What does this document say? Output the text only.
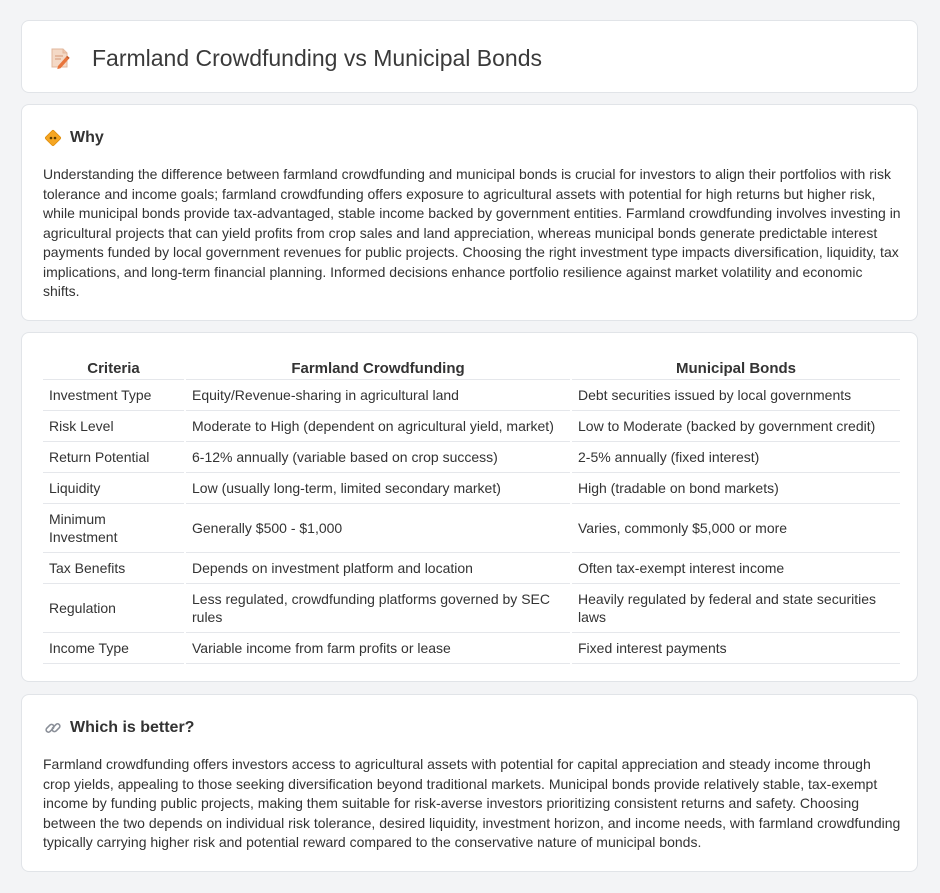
Farmland Crowdfunding vs Municipal Bonds
Why

Understanding the difference between farmland crowdfunding and municipal bonds is crucial for investors to align their portfolios with risk tolerance and income goals; farmland crowdfunding offers exposure to agricultural assets with potential for high returns but higher risk, while municipal bonds provide tax-advantaged, stable income backed by government entities. Farmland crowdfunding involves investing in agricultural projects that can yield profits from crop sales and land appreciation, whereas municipal bonds generate predictable interest payments funded by local government revenues for public projects. Choosing the right investment type impacts diversification, liquidity, tax implications, and long-term financial planning. Informed decisions enhance portfolio resilience against market volatility and economic shifts.

Criteria	Farmland Crowdfunding	Municipal Bonds
Investment Type	Equity/Revenue-sharing in agricultural land	Debt securities issued by local governments
Risk Level	Moderate to High (dependent on agricultural yield, market)	Low to Moderate (backed by government credit)
Return Potential	6-12% annually (variable based on crop success)	2-5% annually (fixed interest)
Liquidity	Low (usually long-term, limited secondary market)	High (tradable on bond markets)
Minimum Investment	Generally $500 - $1,000	Varies, commonly $5,000 or more
Tax Benefits	Depends on investment platform and location	Often tax-exempt interest income
Regulation	Less regulated, crowdfunding platforms governed by SEC rules	Heavily regulated by federal and state securities laws
Income Type	Variable income from farm profits or lease	Fixed interest payments
Which is better?

Farmland crowdfunding offers investors access to agricultural assets with potential for capital appreciation and steady income through crop yields, appealing to those seeking diversification beyond traditional markets. Municipal bonds provide relatively stable, tax-exempt income by funding public projects, making them suitable for risk-averse investors prioritizing consistent returns and safety. Choosing between the two depends on individual risk tolerance, desired liquidity, investment horizon, and income needs, with farmland crowdfunding typically carrying higher risk and potential reward compared to the conservative nature of municipal bonds.
